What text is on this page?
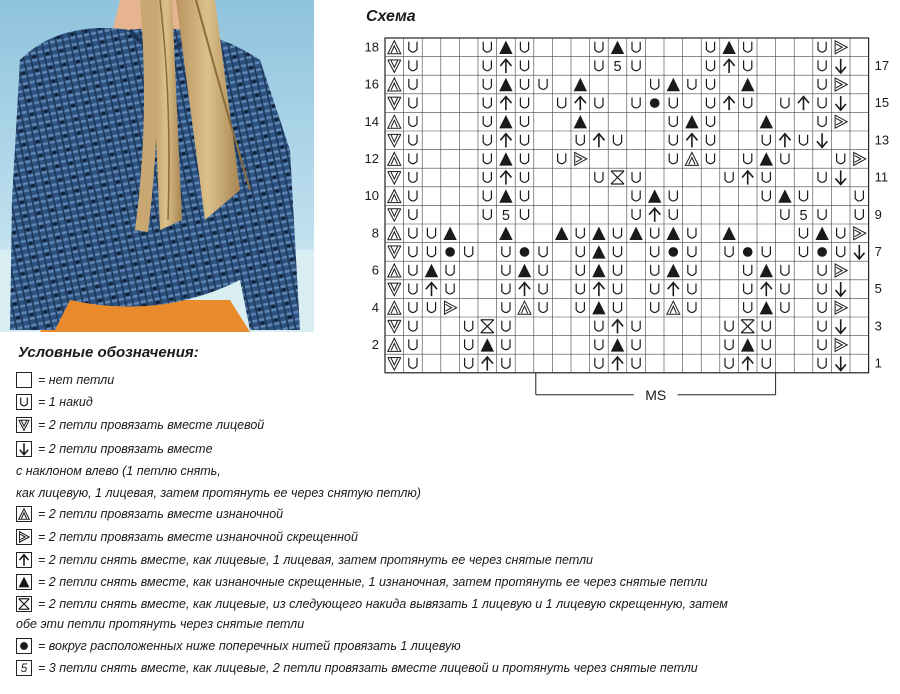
Схема
5
5	5
18
16
14
12
10
8
6
4
2
17
15
13
11
9
7
5
3
1
MS
Условные обозначения:
= нет петли
= 1 накид
= 2 петли провязать вместе лицевой
= 2 петли провязать вместе
с наклоном влево (1 петлю снять,
как лицевую, 1 лицевая, затем протянуть ее через снятую петлю)
= 2 петли провязать вместе изнаночной
= 2 петли провязать вместе изнаночной скрещенной
= 2 петли снять вместе, как лицевые, 1 лицевая, затем протянуть ее через снятые петли
= 2 петли снять вместе, как изнаночные скрещенные, 1 изнаночная, затем протянуть ее через снятые петли
= 2 петли снять вместе, как лицевые, из следующего накида вывязать 1 лицевую и 1 лицевую скрещенную, затем
обе эти петли протянуть через снятые петли
= вокруг расположенных ниже поперечных нитей провязать 1 лицевую
5 = 3 петли снять вместе, как лицевые, 2 петли провязать вместе лицевой и протянуть через снятые петли
